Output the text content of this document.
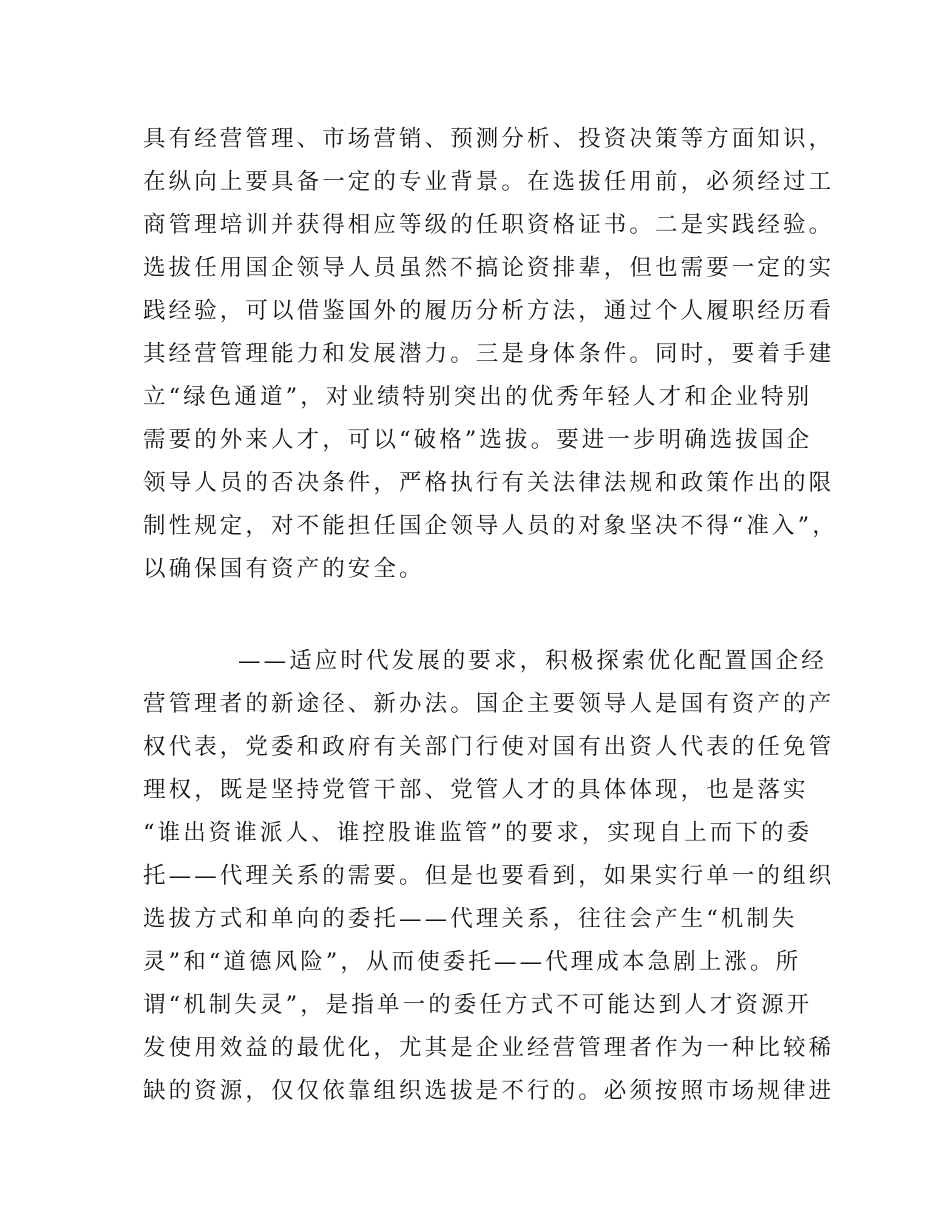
具有经营管理、市场营销、预测分析、投资决策等方面知识，
在纵向上要具备一定的专业背景。在选拔任用前，必须经过工
商管理培训并获得相应等级的任职资格证书。二是实践经验。
选拔任用国企领导人员虽然不搞论资排辈，但也需要一定的实
践经验，可以借鉴国外的履历分析方法，通过个人履职经历看
其经营管理能力和发展潜力。三是身体条件。同时，要着手建
立“绿色通道”，对业绩特别突出的优秀年轻人才和企业特别
需要的外来人才，可以“破格”选拔。要进一步明确选拔国企
领导人员的否决条件，严格执行有关法律法规和政策作出的限
制性规定，对不能担任国企领导人员的对象坚决不得“准入”，
以确保国有资产的安全。
——适应时代发展的要求，积极探索优化配置国企经
营管理者的新途径、新办法。国企主要领导人是国有资产的产
权代表，党委和政府有关部门行使对国有出资人代表的任免管
理权，既是坚持党管干部、党管人才的具体体现，也是落实
“谁出资谁派人、谁控股谁监管”的要求，实现自上而下的委
托——代理关系的需要。但是也要看到，如果实行单一的组织
选拔方式和单向的委托——代理关系，往往会产生“机制失
灵”和“道德风险”，从而使委托——代理成本急剧上涨。所
谓“机制失灵”，是指单一的委任方式不可能达到人才资源开
发使用效益的最优化，尤其是企业经营管理者作为一种比较稀
缺的资源，仅仅依靠组织选拔是不行的。必须按照市场规律进
